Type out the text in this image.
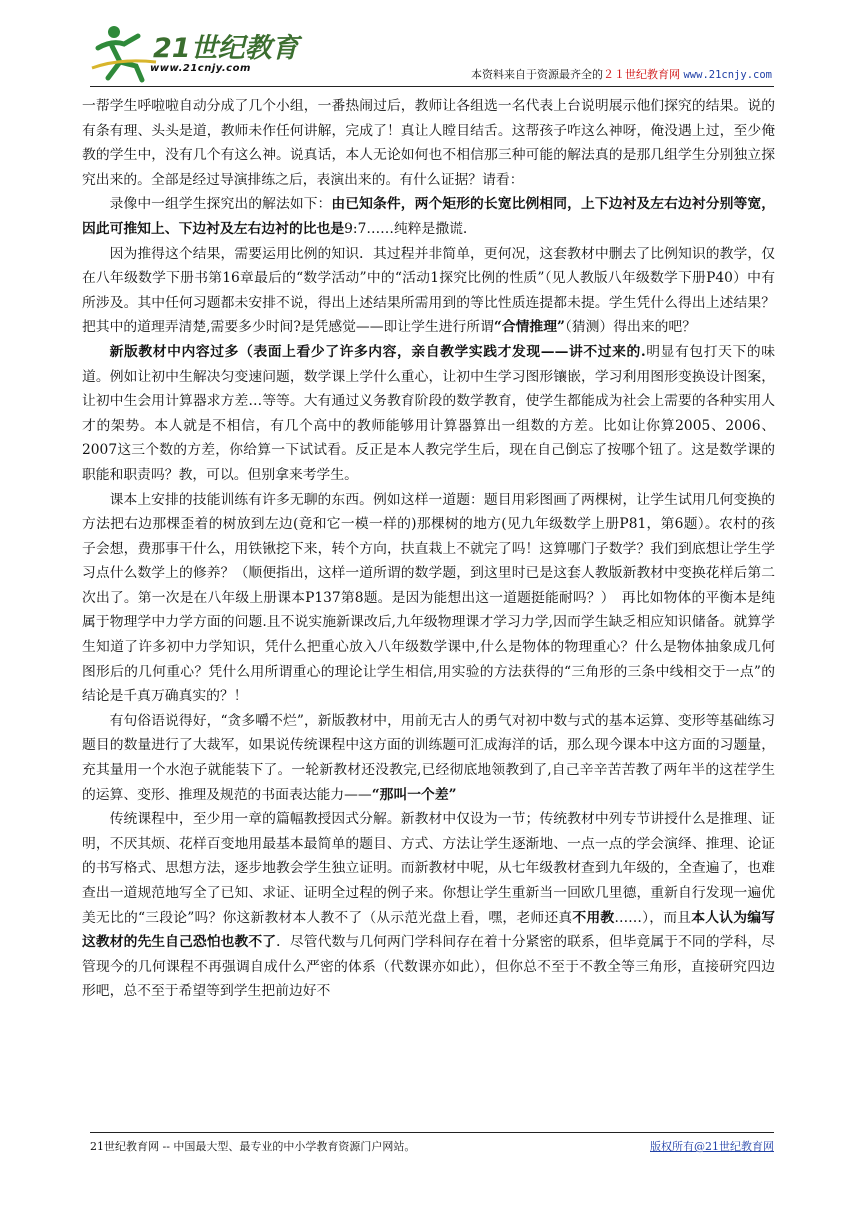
21世纪教育
www.21cnjy.com	本资料来自于资源最齐全的２１世纪教育网 www.21cnjy.com

一帮学生呼啦啦自动分成了几个小组，一番热闹过后，教师让各组选一名代表上台说明展示他们探究的结果。说的有条有理、头头是道，教师未作任何讲解，完成了！真让人瞠目结舌。这帮孩子咋这么神呀，俺没遇上过，至少俺教的学生中，没有几个有这么神。说真话，本人无论如何也不相信那三种可能的解法真的是那几组学生分别独立探究出来的。全部是经过导演排练之后，表演出来的。有什么证据？请看：

录像中一组学生探究出的解法如下：由已知条件，两个矩形的长宽比例相同，上下边衬及左右边衬分别等宽，因此可推知上、下边衬及左右边衬的比也是9:7……纯粹是撒谎.

因为推得这个结果，需要运用比例的知识．其过程并非简单，更何况，这套教材中删去了比例知识的教学，仅在八年级数学下册书第16章最后的“数学活动”中的“活动1探究比例的性质”（见人教版八年级数学下册P40）中有所涉及。其中任何习题都未安排不说，得出上述结果所需用到的等比性质连提都未提。学生凭什么得出上述结果？把其中的道理弄清楚,需要多少时间?是凭感觉——即让学生进行所谓“合情推理”（猜测）得出来的吧？

新版教材中内容过多（表面上看少了许多内容，亲自教学实践才发现——讲不过来的.明显有包打天下的味道。例如让初中生解决匀变速问题，数学课上学什么重心，让初中生学习图形镶嵌，学习利用图形变换设计图案，让初中生会用计算器求方差…等等。大有通过义务教育阶段的数学教育，使学生都能成为社会上需要的各种实用人才的架势。本人就是不相信，有几个高中的教师能够用计算器算出一组数的方差。比如让你算2005、2006、2007这三个数的方差，你给算一下试试看。反正是本人教完学生后，现在自己倒忘了按哪个钮了。这是数学课的职能和职责吗？教，可以。但别拿来考学生。

课本上安排的技能训练有许多无聊的东西。例如这样一道题：题目用彩图画了两棵树，让学生试用几何变换的方法把右边那棵歪着的树放到左边(竟和它一模一样的)那棵树的地方(见九年级数学上册P81，第6题）。农村的孩子会想，费那事干什么，用铁锹挖下来，转个方向，扶直栽上不就完了吗！这算哪门子数学？我们到底想让学生学习点什么数学上的修养？（顺便指出，这样一道所谓的数学题，到这里时已是这套人教版新教材中变换花样后第二次出了。第一次是在八年级上册课本P137第8题。是因为能想出这一道题挺能耐吗？）　再比如物体的平衡本是纯属于物理学中力学方面的问题.且不说实施新课改后,九年级物理课才学习力学,因而学生缺乏相应知识储备。就算学生知道了许多初中力学知识，凭什么把重心放入八年级数学课中,什么是物体的物理重心？什么是物体抽象成几何图形后的几何重心？凭什么用所谓重心的理论让学生相信,用实验的方法获得的“三角形的三条中线相交于一点”的结论是千真万确真实的？！

有句俗语说得好，“贪多嚼不烂”，新版教材中，用前无古人的勇气对初中数与式的基本运算、变形等基础练习题目的数量进行了大裁军，如果说传统课程中这方面的训练题可汇成海洋的话，那么现今课本中这方面的习题量，充其量用一个水泡子就能装下了。一轮新教材还没教完,已经彻底地领教到了,自己辛辛苦苦教了两年半的这茬学生的运算、变形、推理及规范的书面表达能力——“那叫一个差”

传统课程中，至少用一章的篇幅教授因式分解。新教材中仅设为一节；传统教材中列专节讲授什么是推理、证明，不厌其烦、花样百变地用最基本最简单的题目、方式、方法让学生逐渐地、一点一点的学会演绎、推理、论证的书写格式、思想方法，逐步地教会学生独立证明。而新教材中呢，从七年级教材查到九年级的，全查遍了，也难查出一道规范地写全了已知、求证、证明全过程的例子来。你想让学生重新当一回欧几里德，重新自行发现一遍优美无比的“三段论”吗？你这新教材本人教不了（从示范光盘上看，嘿，老师还真不用教……），而且本人认为编写这教材的先生自己恐怕也教不了．尽管代数与几何两门学科间存在着十分紧密的联系，但毕竟属于不同的学科，尽管现今的几何课程不再强调自成什么严密的体系（代数课亦如此），但你总不至于不教全等三角形，直接研究四边形吧，总不至于希望等到学生把前边好不

21世纪教育网 -- 中国最大型、最专业的中小学教育资源门户网站。	版权所有@21世纪教育网
